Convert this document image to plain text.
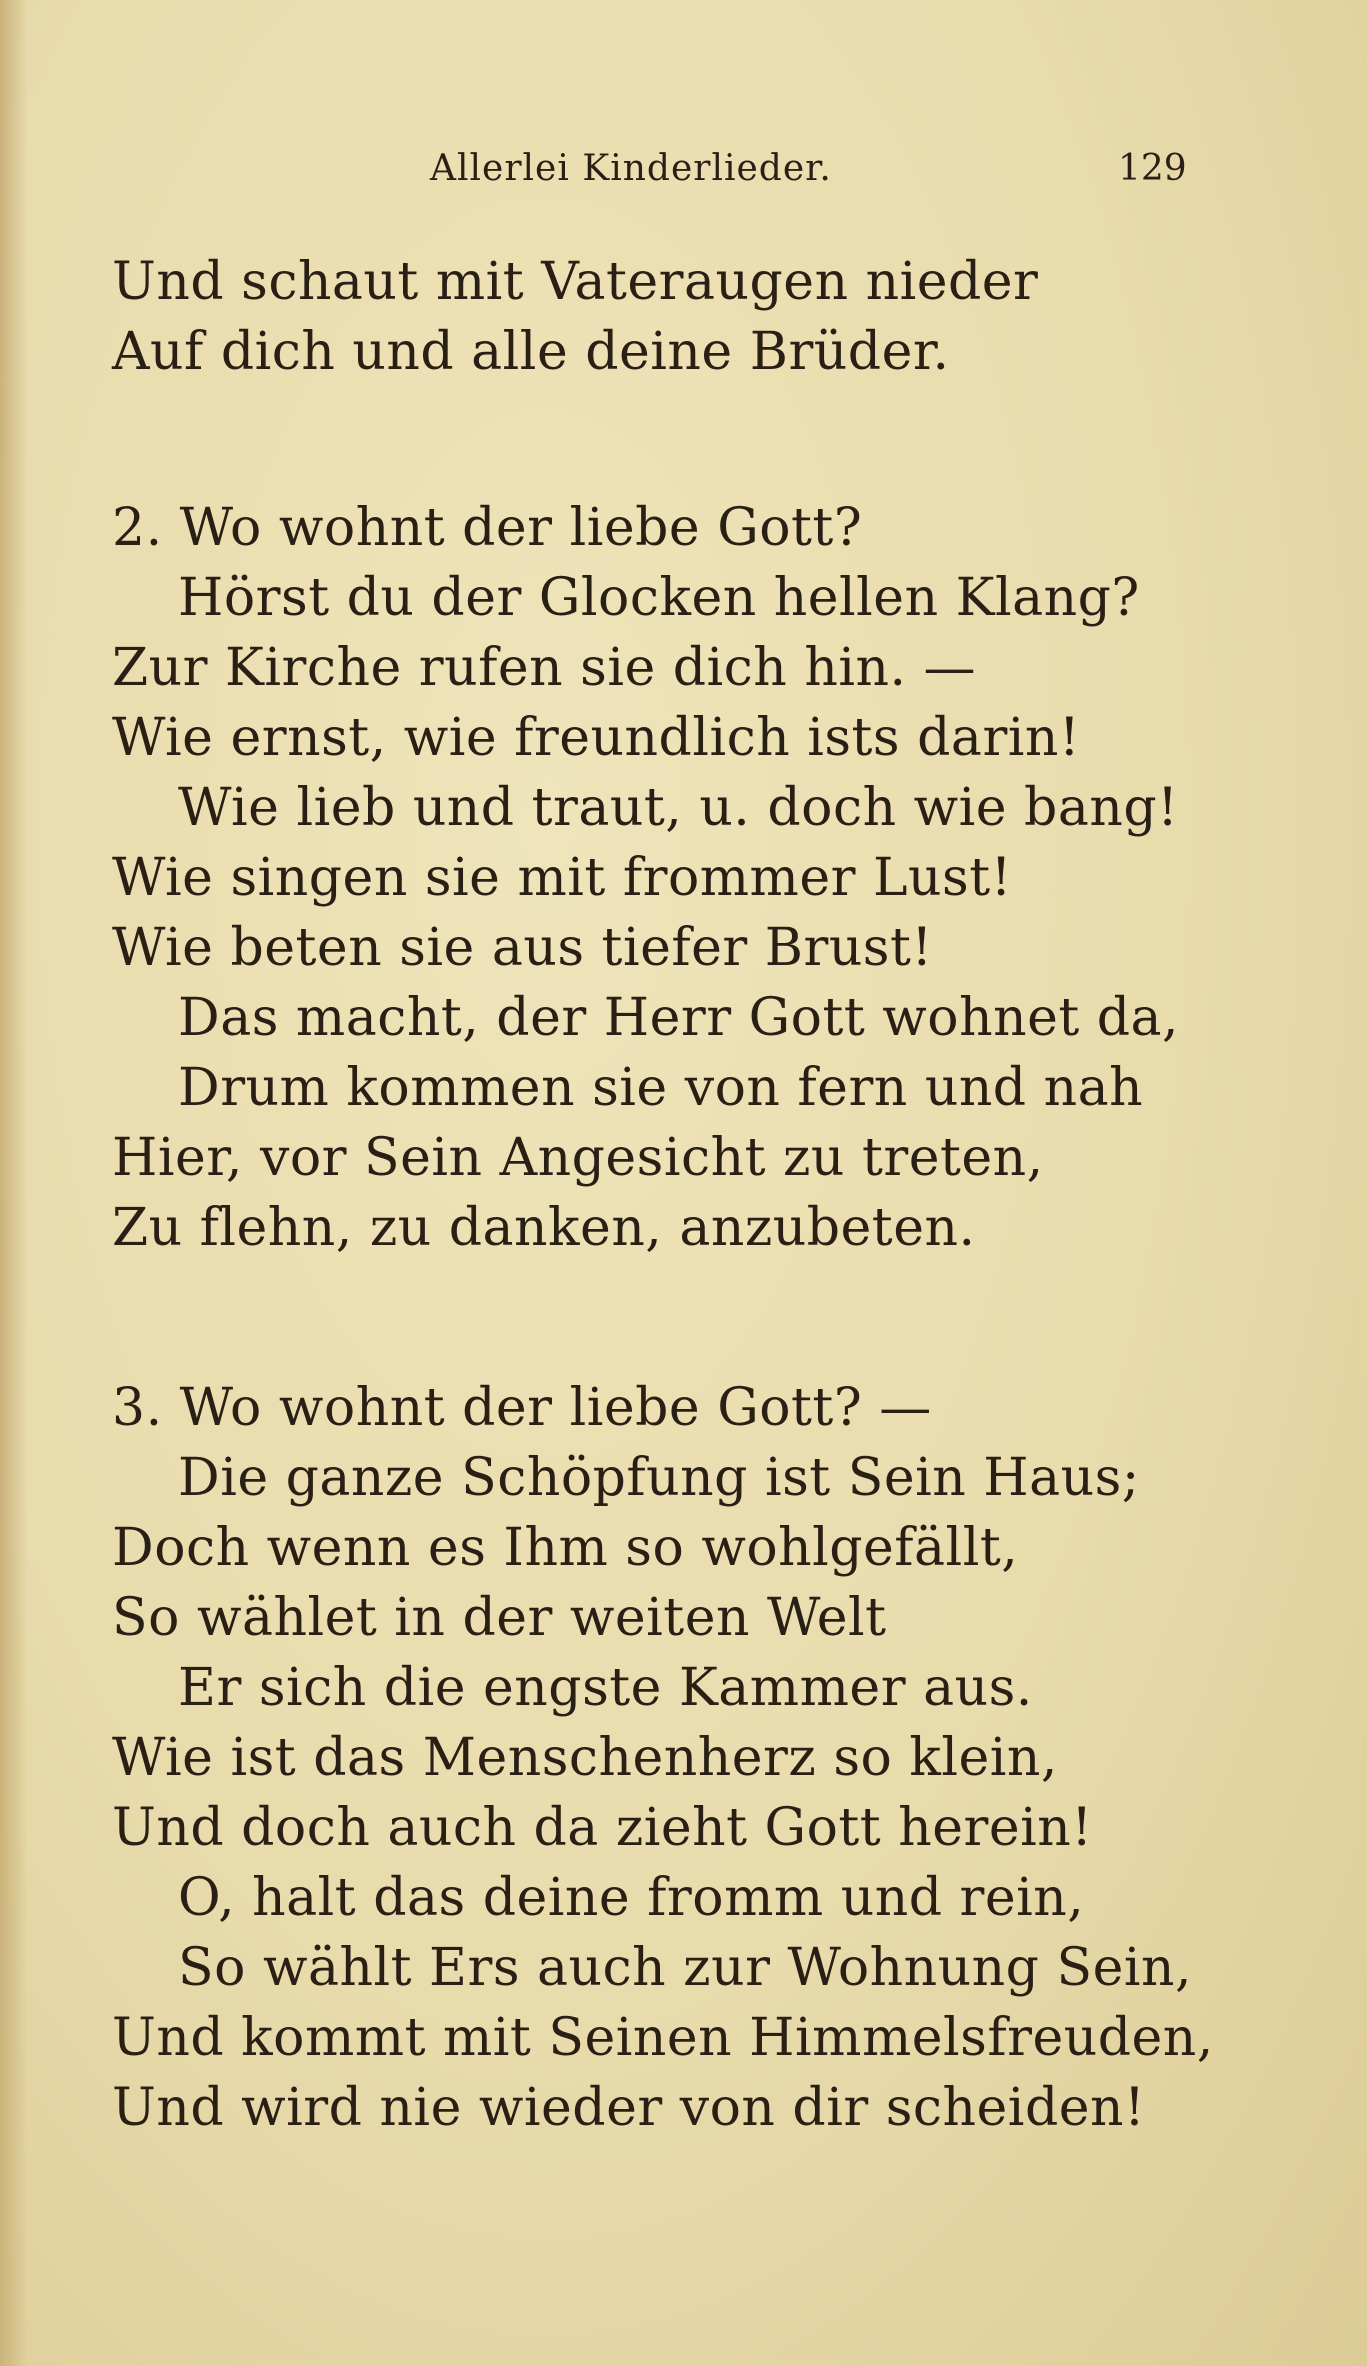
Allerlei Kinderlieder.	129
Und schaut mit Vateraugen nieder
Auf dich und alle deine Brüder.
2. Wo wohnt der liebe Gott?
Hörst du der Glocken hellen Klang?
Zur Kirche rufen sie dich hin. —
Wie ernst, wie freundlich ists darin!
Wie lieb und traut, u. doch wie bang!
Wie singen sie mit frommer Lust!
Wie beten sie aus tiefer Brust!
Das macht, der Herr Gott wohnet da,
Drum kommen sie von fern und nah
Hier, vor Sein Angesicht zu treten,
Zu flehn, zu danken, anzubeten.
3. Wo wohnt der liebe Gott? —
Die ganze Schöpfung ist Sein Haus;
Doch wenn es Ihm so wohlgefällt,
So wählet in der weiten Welt
Er sich die engste Kammer aus.
Wie ist das Menschenherz so klein,
Und doch auch da zieht Gott herein!
O, halt das deine fromm und rein,
So wählt Ers auch zur Wohnung Sein,
Und kommt mit Seinen Himmelsfreuden,
Und wird nie wieder von dir scheiden!
